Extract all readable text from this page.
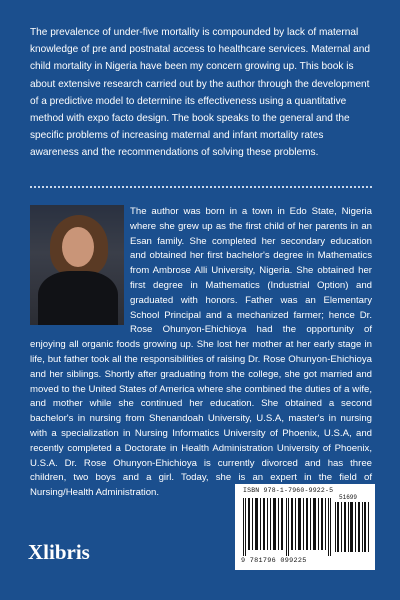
The prevalence of under-five mortality is compounded by lack of maternal knowledge of pre and postnatal access to healthcare services. Maternal and child mortality in Nigeria have been my concern growing up. This book is about extensive research carried out by the author through the development of a predictive model to determine its effectiveness using a quantitative method with expo facto design. The book speaks to the general and the specific problems of increasing maternal and infant mortality rates awareness and the recommendations of solving these problems.
The author was born in a town in Edo State, Nigeria where she grew up as the first child of her parents in an Esan family. She completed her secondary education and obtained her first bachelor's degree in Mathematics from Ambrose Alli University, Nigeria. She obtained her first degree in Mathematics (Industrial Option) and graduated with honors. Father was an Elementary School Principal and a mechanized farmer; hence Dr. Rose Ohunyon-Ehichioya had the opportunity of enjoying all organic foods growing up. She lost her mother at her early stage in life, but father took all the responsibilities of raising Dr. Rose Ohunyon-Ehichioya and her siblings. Shortly after graduating from the college, she got married and moved to the United States of America where she combined the duties of a wife, and mother while she continued her education. She obtained a second bachelor's in nursing from Shenandoah University, U.S.A, master's in nursing with a specialization in Nursing Informatics University of Phoenix, U.S.A, and recently completed a Doctorate in Health Administration University of Phoenix, U.S.A. Dr. Rose Ohunyon-Ehichioya is currently divorced and has three children, two boys and a girl. Today, she is an expert in the field of Nursing/Health Administration.	ISBN 978-1-7960-9922-5
51699
9 781796 099225
Xlibris
